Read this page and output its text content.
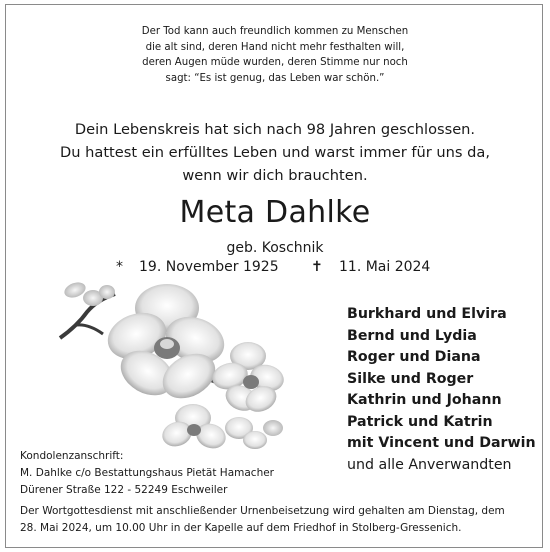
Der Tod kann auch freundlich kommen zu Menschen
die alt sind, deren Hand nicht mehr festhalten will,
deren Augen müde wurden, deren Stimme nur noch
sagt: “Es ist genug, das Leben war schön.”
Dein Lebenskreis hat sich nach 98 Jahren geschlossen.
Du hattest ein erfülltes Leben und warst immer für uns da,
wenn wir dich brauchten.
Meta Dahlke
geb. Koschnik
* 19. November 1925 ✝ 11. Mai 2024
Burkhard und Elvira
Bernd und Lydia
Roger und Diana
Silke und Roger
Kathrin und Johann
Patrick und Katrin
mit Vincent und Darwin
und alle Anverwandten
Kondolenzanschrift:
M. Dahlke c/o Bestattungshaus Pietät Hamacher
Dürener Straße 122 - 52249 Eschweiler
Der Wortgottesdienst mit anschließender Urnenbeisetzung wird gehalten am Dienstag, dem
28. Mai 2024, um 10.00 Uhr in der Kapelle auf dem Friedhof in Stolberg-Gressenich.
